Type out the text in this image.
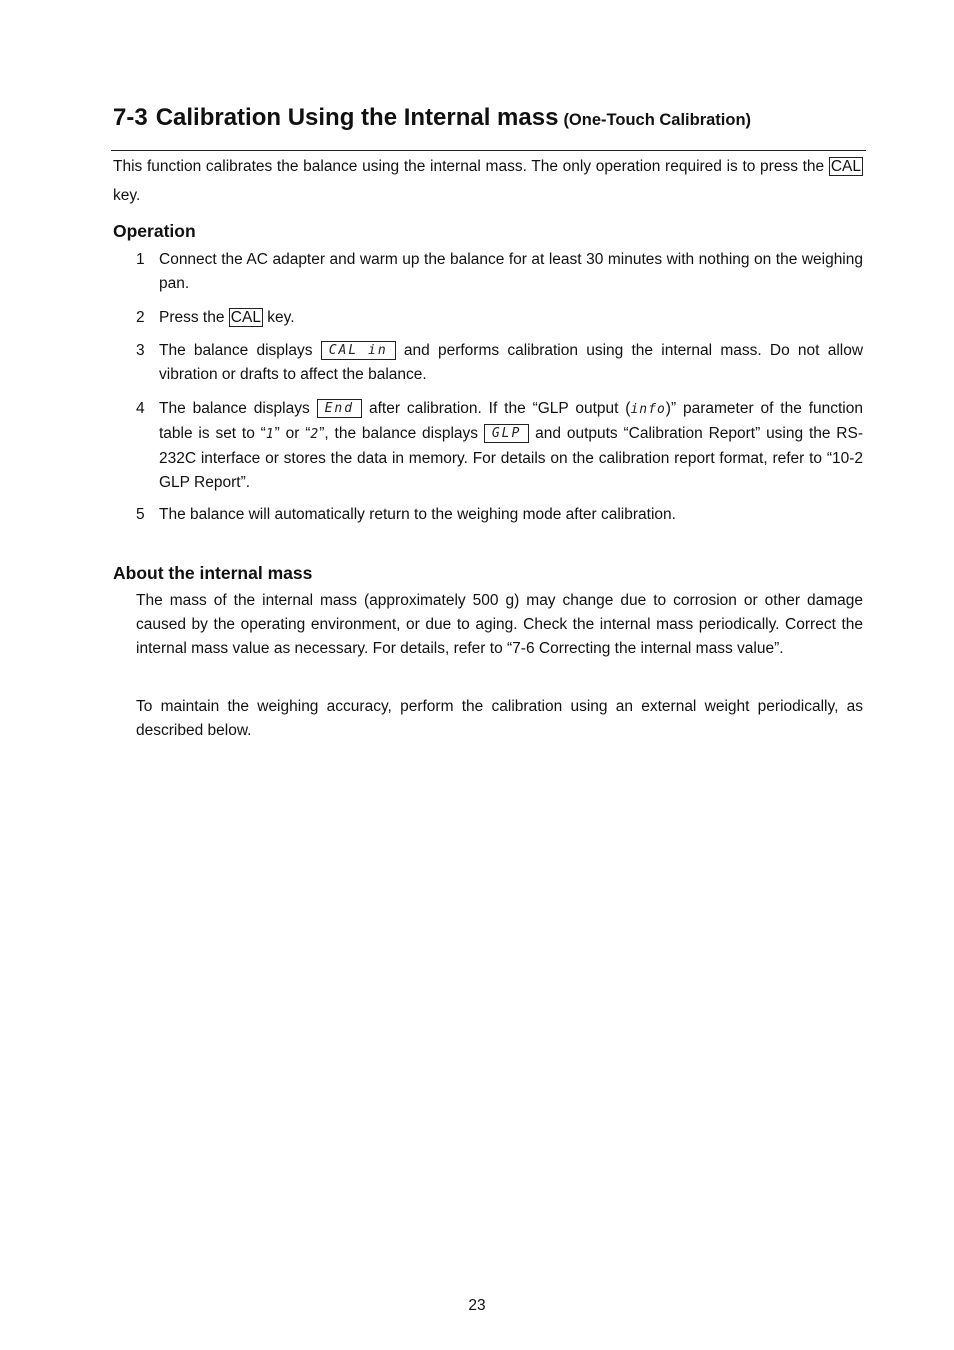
7-3 Calibration Using the Internal mass (One-Touch Calibration)
This function calibrates the balance using the internal mass. The only operation required is to press the CAL key.
Operation
1 Connect the AC adapter and warm up the balance for at least 30 minutes with nothing on the weighing pan.
2 Press the CAL key.
3 The balance displays CAL in and performs calibration using the internal mass. Do not allow vibration or drafts to affect the balance.
4 The balance displays End after calibration. If the “GLP output (info)” parameter of the function table is set to “1” or “2”, the balance displays GLP and outputs “Calibration Report” using the RS-232C interface or stores the data in memory. For details on the calibration report format, refer to “10-2 GLP Report”.
5 The balance will automatically return to the weighing mode after calibration.
About the internal mass
The mass of the internal mass (approximately 500 g) may change due to corrosion or other damage caused by the operating environment, or due to aging. Check the internal mass periodically. Correct the internal mass value as necessary. For details, refer to “7-6 Correcting the internal mass value”.
To maintain the weighing accuracy, perform the calibration using an external weight periodically, as described below.
23
